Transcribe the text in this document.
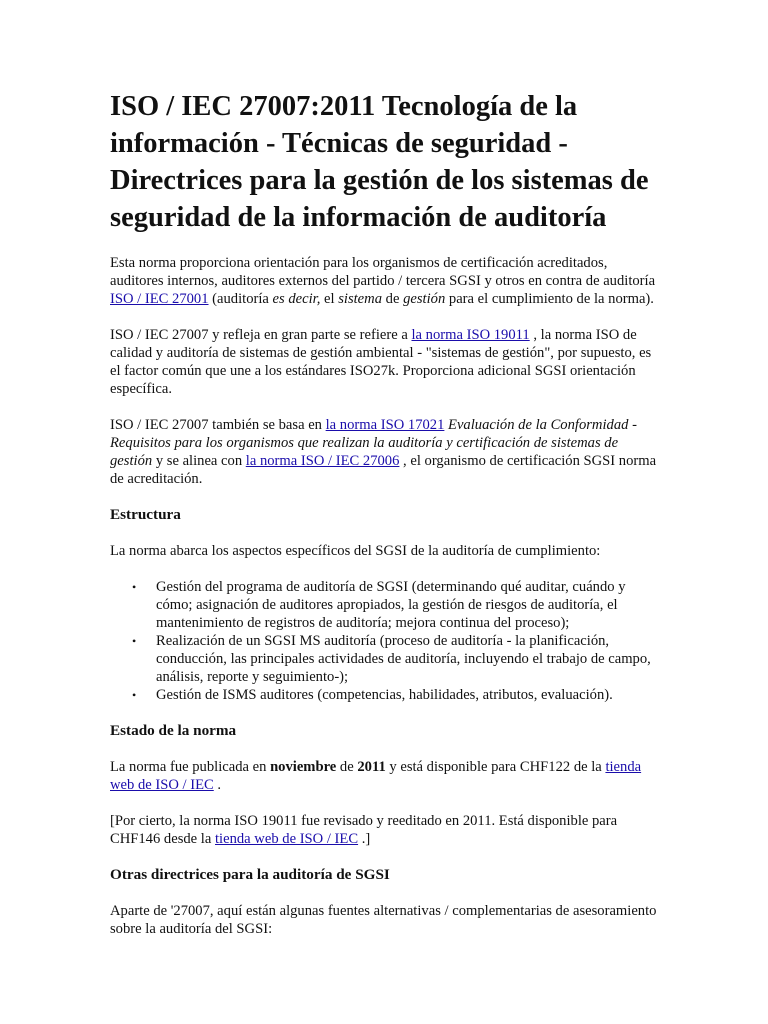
ISO / IEC 27007:2011 Tecnología de la información - Técnicas de seguridad - Directrices para la gestión de los sistemas de seguridad de la información de auditoría

Esta norma proporciona orientación para los organismos de certificación acreditados, auditores internos, auditores externos del partido / tercera SGSI y otros en contra de auditoría ISO / IEC 27001 (auditoría es decir, el sistema de gestión para el cumplimiento de la norma).

ISO / IEC 27007 y refleja en gran parte se refiere a la norma ISO 19011 , la norma ISO de calidad y auditoría de sistemas de gestión ambiental - "sistemas de gestión", por supuesto, es el factor común que une a los estándares ISO27k. Proporciona adicional SGSI orientación específica.

ISO / IEC 27007 también se basa en la norma ISO 17021 Evaluación de la Conformidad - Requisitos para los organismos que realizan la auditoría y certificación de sistemas de gestión y se alinea con la norma ISO / IEC 27006 , el organismo de certificación SGSI norma de acreditación.

Estructura

La norma abarca los aspectos específicos del SGSI de la auditoría de cumplimiento:

• Gestión del programa de auditoría de SGSI (determinando qué auditar, cuándo y cómo; asignación de auditores apropiados, la gestión de riesgos de auditoría, el mantenimiento de registros de auditoría; mejora continua del proceso);
• Realización de un SGSI MS auditoría (proceso de auditoría - la planificación, conducción, las principales actividades de auditoría, incluyendo el trabajo de campo, análisis, reporte y seguimiento-);
• Gestión de ISMS auditores (competencias, habilidades, atributos, evaluación).
Estado de la norma

La norma fue publicada en noviembre de 2011 y está disponible para CHF122 de la tienda web de ISO / IEC .

[Por cierto, la norma ISO 19011 fue revisado y reeditado en 2011. Está disponible para CHF146 desde la tienda web de ISO / IEC .]

Otras directrices para la auditoría de SGSI

Aparte de '27007, aquí están algunas fuentes alternativas / complementarias de asesoramiento sobre la auditoría del SGSI:
